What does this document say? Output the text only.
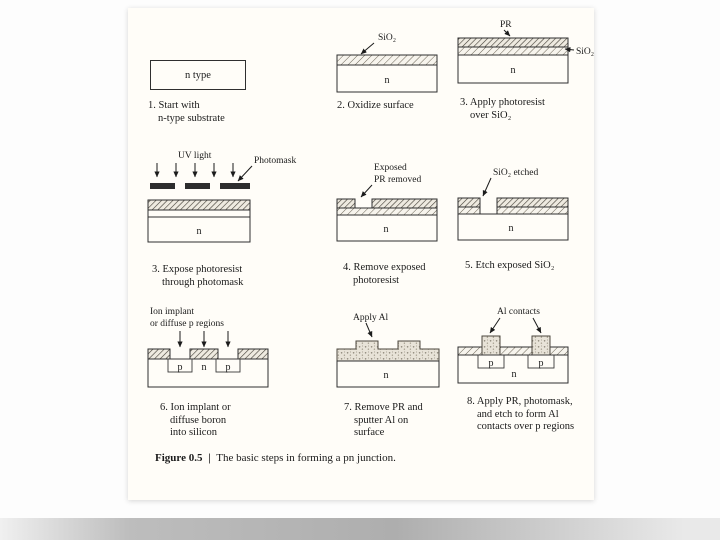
n type
1. Start with
n-type substrate
SiO₂
n
2. Oxidize surface
PR
n
SiO₂
3. Apply photoresist
over SiO₂
UV light	Photomask
n
3. Expose photoresist
through photomask
Exposed
PR removed
n
4. Remove exposed
photoresist
SiO₂ etched
n
5. Etch exposed SiO₂
Ion implant
or diffuse p regions
p n p
6. Ion implant or
diffuse boron
into silicon
Apply Al
n
7. Remove PR and
sputter Al on
surface
Al contacts
p
n
p
8. Apply PR, photomask,
and etch to form Al
contacts over p regions
Figure 0.5 | The basic steps in forming a pn junction.
